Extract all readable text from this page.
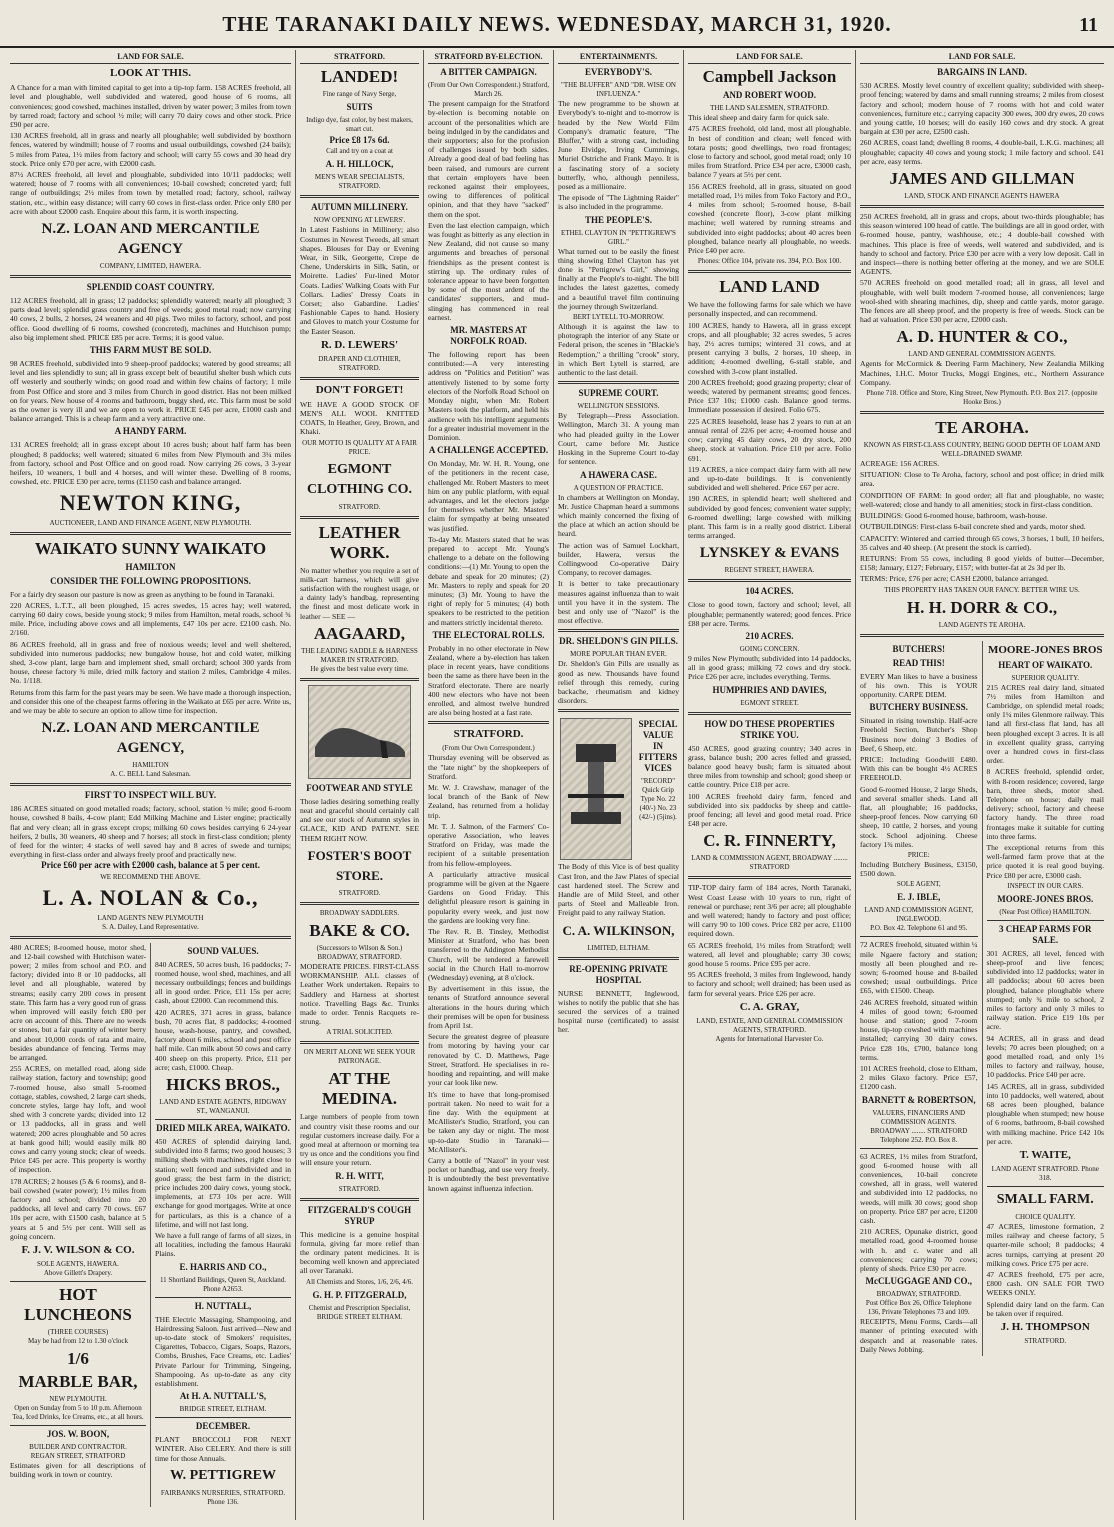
THE TARANAKI DAILY NEWS. WEDNESDAY, MARCH 31, 1920.	11
LAND FOR SALE.
LOOK AT THIS.
A Chance for a man with limited capital to get into a tip-top farm. 158 ACRES freehold, all level and ploughable, well subdivided and watered, good house of 6 rooms, all conveniences; good cowshed, machines installed, driven by water power; 3 miles from town by tarred road; factory and school ½ mile; will carry 70 dairy cows and other stock. Price £90 per acre.
130 ACRES freehold, all in grass and nearly all ploughable; well subdivided by boxthorn fences, watered by windmill; house of 7 rooms and usual outbuildings, cowshed (24 bails); 5 miles from Patea, 1½ miles from factory and school; will carry 55 cows and 30 head dry stock. Price only £70 per acre, with £2000 cash.
87½ ACRES freehold, all level and ploughable, subdivided into 10/11 paddocks; well watered; house of 7 rooms with all conveniences; 10-bail cowshed; concreted yard; full range of outbuildings; 2½ miles from town by metalled road; factory, school, railway station, etc., within easy distance; will carry 60 cows in first-class order. Price only £80 per acre with about £2000 cash. Enquire about this farm, it is worth inspecting.
N.Z. LOAN AND MERCANTILE AGENCY
COMPANY, LIMITED, HAWERA.
SPLENDID COAST COUNTRY.
112 ACRES freehold, all in grass; 12 paddocks; splendidly watered; nearly all ploughed; 3 parts dead level; splendid grass country and free of weeds; good metal road; now carrying 40 cows, 2 bulls, 2 horses, 24 weaners and 40 pigs. Two miles to factory, school, and post office. Good dwelling of 6 rooms, cowshed (concreted), machines and Hutchison pump; also big implement shed. PRICE £85 per acre. Terms; it is good value.
THIS FARM MUST BE SOLD.
98 ACRES freehold, subdivided into 9 sheep-proof paddocks; watered by good streams; all level and lies splendidly to sun; all in grass except belt of beautiful shelter bush which cuts off westerly and southerly winds; on good road and within few chains of factory; 1 mile from Post Office and store and 3 miles from Church in good district. Has not been milked on for years. New house of 4 rooms and bathroom, buggy shed, etc. This farm must be sold as the owner is very ill and we are open to work it. PRICE £45 per acre, £1000 cash and balance arranged. This is a cheap farm and a very attractive one.
A HANDY FARM.
131 ACRES freehold; all in grass except about 10 acres bush; about half farm has been ploughed; 8 paddocks; well watered; situated 6 miles from New Plymouth and 3¼ miles from factory, school and Post Office and on good road. Now carrying 26 cows, 3 3-year heifers, 10 weaners, 1 bull and 4 horses, and will winter these. Dwelling of 8 rooms, cowshed, etc. PRICE £30 per acre, terms (£1150 cash and balance arranged.
NEWTON KING,
AUCTIONEER, LAND AND FINANCE AGENT, NEW PLYMOUTH.
WAIKATO SUNNY WAIKATO
HAMILTON
CONSIDER THE FOLLOWING PROPOSITIONS.
For a fairly dry season our pasture is now as green as anything to be found in Taranaki.
220 ACRES, L.T.T., all been ploughed, 15 acres swedes, 15 acres hay; well watered, carrying 60 dairy cows, beside young stock; 9 miles from Hamilton, metal roads, school ¾ mile. Price, including above cows and all implements, £47 10s per acre. £2100 cash. No. 2/160.
86 ACRES freehold, all in grass and free of noxious weeds; level and well sheltered, subdivided into numerous paddocks; new bungalow house, hot and cold water, milking shed, 3-cow plant, large barn and implement shed, small orchard; school 300 yards from house, cheese factory ¾ mile, dried milk factory and station 2 miles, Cambridge 4 miles. No. 1/118.
Returns from this farm for the past years may be seen. We have made a thorough inspection, and consider this one of the cheapest farms offering in the Waikato at £65 per acre. Write us, and we may be able to secure an option to allow time for inspection.
N.Z. LOAN AND MERCANTILE AGENCY,
HAMILTON
A. C. BELL Land Salesman.
FIRST TO INSPECT WILL BUY.
186 ACRES situated on good metalled roads; factory, school, station ½ mile; good 6-room house, cowshed 8 bails, 4-cow plant; Edd Milking Machine and Lister engine; practically flat and very clean; all in grass except crops; milking 60 cows besides carrying 6 24-year heifers, 2 bulls, 30 weaners, 40 sheep and 7 horses; all stock in first-class condition; plenty of feed for the winter; 4 stacks of well saved hay and 8 acres of swede and turnips; everything in first-class order and always freely proof and practically new.
Price £60 per acre with £2000 cash, balance at 5 per cent.
WE RECOMMEND THE ABOVE.
L. A. NOLAN & Co.,
LAND AGENTS NEW PLYMOUTH
S. A. Dailey, Land Representative.
480 ACRES; 8-roomed house, motor shed, and 12-bail cowshed with Hutchison water-power; 2 miles from school and P.O. and factory; divided into 8 or 10 paddocks, all level and all ploughable, watered by streams; easily carry 200 cows in present state. This farm has a very good run of grass when improved will easily fetch £80 per acre on account of this. There are no weeds or stones, but a fair quantity of winter berry and about 10,000 cords of rata and maire, besides abundance of fencing. Terms may be arranged.
255 ACRES, on metalled road, along side railway station, factory and township; good 7-roomed house, also small 5-roomed cottage, stables, cowshed, 2 large cart sheds, concrete styles, large hay loft, and wool shed with 3 concrete yards; divided into 12 or 13 paddocks, all in grass and well watered; 200 acres ploughable and 50 acres at bank good hill; would easily milk 80 cows and carry young stock; clear of weeds. Price £45 per acre. This property is worthy of inspection.
178 ACRES; 2 houses (5 & 6 rooms), and 8-bail cowshed (water power); 1½ miles from factory and school; divided into 20 paddocks, all level and carry 70 cows. £67 10s per acre, with £1500 cash, balance at 5 years at 5 and 5½ per cent. Will sell as going concern.
F. J. V. WILSON & CO.
SOLE AGENTS, HAWERA.
Above Gillett's Drapery.
HOT LUNCHEONS
(THREE COURSES)
May be had from 12 to 1.30 o'clock
1/6
MARBLE BAR,
NEW PLYMOUTH.
Open on Sunday from 5 to 10 p.m. Afternoon Tea, Iced Drinks, Ice Creams, etc., at all hours.
JOS. W. BOON,
BUILDER AND CONTRACTOR.
REGAN STREET, STRATFORD
Estimates given for all descriptions of building work in town or country.
SOUND VALUES.
840 ACRES, 50 acres bush, 16 paddocks; 7-roomed house, wool shed, machines, and all necessary outbuildings; fences and buildings all in good order. Price, £11 15s per acre; cash, about £2000. Can recommend this.
420 ACRES, 371 acres in grass, balance bush, 70 acres flat, 8 paddocks; 4-roomed house, wash-house, pantry, and cowshed, factory about 6 miles, school and post office half mile. Can milk about 50 cows and carry 400 sheep on this property. Price, £11 per acre; cash, £1000. Cheap.
HICKS BROS.,
LAND AND ESTATE AGENTS, RIDGWAY ST., WANGANUI.
DRIED MILK AREA, WAIKATO.
450 ACRES of splendid dairying land, subdivided into 8 farms; two good houses; 3 milking sheds with machines, right close to station; well fenced and subdivided and in good grass; the best farm in the district; price includes 200 dairy cows, young stock, implements, at £73 10s per acre. Will exchange for good mortgages. Write at once for particulars, as this is a chance of a lifetime, and will not last long.
We have a full range of farms of all sizes, in all localities, including the famous Hauraki Plains.
E. HARRIS AND CO.,
11 Shortland Buildings, Queen St, Auckland. Phone A2653.
H. NUTTALL,
THE Electric Massaging, Shampooing, and Hairdressing Saloon. Just arrived—New and up-to-date stock of Smokers' requisites, Cigarettes, Tobacco, Cigars, Soaps, Razors, Combs, Brushes, Face Creams, etc. Ladies' Private Parlour for Trimming, Singeing, Shampooing. As up-to-date as any city establishment.
At H. A. NUTTALL'S,
BRIDGE STREET, ELTHAM.
DECEMBER.
PLANT BROCCOLI FOR NEXT WINTER. Also CELERY. And there is still time for those Annuals.
W. PETTIGREW
FAIRBANKS NURSERIES, STRATFORD.
Phone 136.
STRATFORD.
LANDED!
Fine range of Navy Serge,
SUITS
Indigo dye, fast color, by best makers, smart cut.
Price £8 17s 6d.
Call and try on a coat at
A. H. HILLOCK,
MEN'S WEAR SPECIALISTS, STRATFORD.
AUTUMN MILLINERY.
NOW OPENING AT LEWERS'.
In Latest Fashions in Millinery; also Costumes in Newest Tweeds, all smart shapes. Blouses for Day or Evening Wear, in Silk, Georgette, Crepe de Chene, Underskirts in Silk, Satin, or Moirette. Ladies' Fur-lined Motor Coats. Ladies' Walking Coats with Fur Collars. Ladies' Dressy Coats in Corset; also Gabardine. Ladies' Fashionable Capes to hand. Hosiery and Gloves to match your Costume for the Easter Season.
R. D. LEWERS'
DRAPER AND CLOTHIER, STRATFORD.
DON'T FORGET!
WE HAVE A GOOD STOCK OF MEN'S ALL WOOL KNITTED COATS, In Heather, Grey, Brown, and Khaki.
OUR MOTTO IS QUALITY AT A FAIR PRICE.
EGMONT CLOTHING CO.
STRATFORD.
LEATHER WORK.
No matter whether you require a set of milk-cart harness, which will give satisfaction with the roughest usage, or a dainty lady's handbag, representing the finest and most delicate work in leather — SEE —
AAGAARD,
THE LEADING SADDLE & HARNESS MAKER IN STRATFORD.
He gives the best value every time.
FOOTWEAR AND STYLE
Those ladies desiring something really neat and graceful should certainly call and see our stock of Autumn styles in GLACE, KID AND PATENT. SEE THEM RIGHT NOW.
FOSTER'S BOOT STORE.
STRATFORD.
BROADWAY SADDLERS.
BAKE & CO.
(Successors to Wilson & Son.) BROADWAY, STRATFORD.
MODERATE PRICES. FIRST-CLASS WORKMANSHIP. ALL classes of Leather Work undertaken. Repairs to Saddlery and Harness at shortest notice. Travelling Bags &c. Trunks made to order. Tennis Racquets re-strung.
A TRIAL SOLICITED.
ON MERIT ALONE WE SEEK YOUR PATRONAGE.
AT THE MEDINA.
Large numbers of people from town and country visit these rooms and our regular customers increase daily. For a good meal at afternoon or morning tea try us once and the conditions you find will ensure your return.
R. H. WITT,
STRATFORD.
FITZGERALD'S COUGH SYRUP
This medicine is a genuine hospital formula, giving far more relief than the ordinary patent medicines. It is becoming well known and appreciated all over Taranaki.
All Chemists and Stores, 1/6, 2/6, 4/6.
G. H. P. FITZGERALD,
Chemist and Prescription Specialist, BRIDGE STREET ELTHAM.
STRATFORD BY-ELECTION.
A BITTER CAMPAIGN.
(From Our Own Correspondent.) Stratford, March 26.
The present campaign for the Stratford by-election is becoming notable on account of the personalities which are being indulged in by the candidates and their supporters; also for the profusion of challenges issued by both sides. Already a good deal of bad feeling has been raised, and rumours are current that certain employers have been reckoned against their employees, owing to differences of political opinion, and that they have "sacked" them on the spot.
Even the last election campaign, which was fought as bitterly as any election in New Zealand, did not cause so many arguments and breaches of personal friendships as the present contest is stirring up. The ordinary rules of tolerance appear to have been forgotten by some of the most ardent of the candidates' supporters, and mud-slinging has commenced in real earnest.
MR. MASTERS AT NORFOLK ROAD.
The following report has been contributed:—A very interesting address on "Politics and Petition" was attentively listened to by some forty electors of the Norfolk Road School on Monday night, when Mr. Robert Masters took the platform, and held his audience with his intelligent arguments for a greater industrial movement in the Dominion.
A CHALLENGE ACCEPTED.
On Monday, Mr. W. H. R. Young, one of the petitioners in the recent case, challenged Mr. Robert Masters to meet him on any public platform, with equal advantages, and let the electors judge for themselves whether Mr. Masters' claim for sympathy at being unseated was justified.
To-day Mr. Masters stated that he was prepared to accept Mr. Young's challenge to a debate on the following conditions:—(1) Mr. Young to open the debate and speak for 20 minutes; (2) Mr. Masters to reply and speak for 20 minutes; (3) Mr. Young to have the right of reply for 5 minutes; (4) both speakers to be restricted to the petition and matters strictly incidental thereto.
THE ELECTORAL ROLLS.
Probably in no other electorate in New Zealand, where a by-election has taken place in recent years, have conditions been the same as there have been in the Stratford electorate. There are nearly 400 new electors who have not been enrolled, and almost twelve hundred are also being hosted at a fast rate.
STRATFORD.
(From Our Own Correspondent.)
Thursday evening will be observed as the "late night" by the shopkeepers of Stratford.
Mr. W. J. Crawshaw, manager of the local branch of the Bank of New Zealand, has returned from a holiday trip.
Mr. T. J. Salmon, of the Farmers' Co-operative Association, who leaves Stratford on Friday, was made the recipient of a suitable presentation from his fellow-employees.
A particularly attractive musical programme will be given at the Ngaere Gardens on Good Friday. This delightful pleasure resort is gaining in popularity every week, and just now the gardens are looking very fine.
The Rev. R. B. Tinsley, Methodist Minister at Stratford, who has been transferred to the Addington Methodist Church, will be tendered a farewell social in the Church Hall to-morrow (Wednesday) evening, at 8 o'clock.
By advertisement in this issue, the tenants of Stratford announce several alterations in the hours during which their premises will be open for business from April 1st.
Secure the greatest degree of pleasure from motoring by having your car renovated by C. D. Matthews, Page Street, Stratford. He specialises in re-hooding and repainting, and will make your car look like new.
It's time to have that long-promised portrait taken. No need to wait for a fine day. With the equipment at McAllister's Studio, Stratford, you can be taken any day or night. The most up-to-date Studio in Taranaki—McAllister's.
Carry a bottle of "Nazol" in your vest pocket or handbag, and use very freely. It is undoubtedly the best preventative known against influenza infection.
ENTERTAINMENTS.
EVERYBODY'S.
"THE BLUFFER" AND "DR. WISE ON INFLUENZA."
The new programme to be shown at Everybody's to-night and to-morrow is headed by the New World Film Company's dramatic feature, "The Bluffer," with a strong cast, including June Elvidge, Irving Cummings, Muriel Ostriche and Frank Mayo. It is a fascinating story of a society butterfly, who, although penniless, posed as a millionaire.
The episode of "The Lightning Raider" is also included in the programme.
THE PEOPLE'S.
ETHEL CLAYTON IN "PETTIGREW'S GIRL."
What turned out to be easily the finest thing showing Ethel Clayton has yet done is "Pettigrew's Girl," showing finally at the People's to-night. The bill includes the latest gazettes, comedy and a beautiful travel film continuing the journey through Switzerland.
BERT LYTELL TO-MORROW.
Although it is against the law to photograph the interior of any State or Federal prison, the scenes in "Blackie's Redemption," a thrilling "crook" story, in which Bert Lytell is starred, are authentic to the last detail.
SUPREME COURT.
WELLINGTON SESSIONS.
By Telegraph—Press Association. Wellington, March 31. A young man who had pleaded guilty in the Lower Court, came before Mr. Justice Hosking in the Supreme Court to-day for sentence.
A HAWERA CASE.
A QUESTION OF PRACTICE.
In chambers at Wellington on Monday, Mr. Justice Chapman heard a summons which mainly concerned the fixing of the place at which an action should be heard.
The action was of Samuel Lockhart, builder, Hawera, versus the Collingwood Co-operative Dairy Company, to recover damages.
It is better to take precautionary measures against influenza than to wait until you have it in the system. The best and only use of "Nazol" is the most effective.
DR. SHELDON'S GIN PILLS.
MORE POPULAR THAN EVER.
Dr. Sheldon's Gin Pills are usually as good as new. Thousands have found relief through this remedy, curing backache, rheumatism and kidney disorders.
SPECIAL VALUE IN FITTERS VICES
"RECORD" Quick Grip Type No. 22 (40/-) No. 23 (42/-) (5jins).
The Body of this Vice is of best quality Cast Iron, and the Jaw Plates of special cast hardened steel. The Screw and Handle are of Mild Steel, and other parts of Steel and Malleable Iron. Freight paid to any railway Station.
C. A. WILKINSON,
LIMITED, ELTHAM.
RE-OPENING PRIVATE HOSPITAL
NURSE BENNETT, Inglewood, wishes to notify the public that she has secured the services of a trained hospital nurse (certificated) to assist her.
LAND FOR SALE.
Campbell Jackson
AND ROBERT WOOD.
THE LAND SALESMEN, STRATFORD.
This ideal sheep and dairy farm for quick sale.
475 ACRES freehold, old land, most all ploughable. In best of condition and clean; well fenced with totara posts; good dwellings, two road frontages; close to factory and school, good metal road; only 10 miles from Stratford. Price £34 per acre, £3000 cash, balance 7 years at 5½ per cent.
156 ACRES freehold, all in grass, situated on good metalled road, 1½ miles from Toko Factory and P.O., 4 miles from school; 5-roomed house, 8-bail cowshed (concrete floor), 3-cow plant milking machine; well watered by running streams and subdivided into eight paddocks; about 40 acres been ploughed, balance nearly all ploughable, no weeds. Price £40 per acre.
Phones: Office 104, private res. 394, P.O. Box 100.
LAND LAND
We have the following farms for sale which we have personally inspected, and can recommend.
100 ACRES, handy to Hawera, all in grass except crops, and all ploughable; 32 acres swedes, 5 acres hay, 2½ acres turnips; wintered 31 cows, and at present carrying 3 bulls, 2 horses, 10 sheep, in addition; 4-roomed dwelling, 6-stall stable, and cowshed with 3-cow plant installed.
200 ACRES freehold; good grazing property; clear of weeds; watered by permanent streams; good fences. Price £37 10s; £1000 cash. Balance good terms. Immediate possession if desired. Folio 675.
225 ACRES leasehold, lease has 2 years to run at an annual rental of 22/6 per acre; 4-roomed house and cow; carrying 45 dairy cows, 20 dry stock, 200 sheep, stock at valuation. Price £10 per acre. Folio 691.
119 ACRES, a nice compact dairy farm with all new and up-to-date buildings. It is conveniently subdivided and well sheltered. Price £67 per acre.
190 ACRES, in splendid heart; well sheltered and subdivided by good fences; convenient water supply; 6-roomed dwelling; large cowshed with milking plant. This farm is in a really good district. Liberal terms arranged.
LYNSKEY & EVANS
REGENT STREET, HAWERA.
104 ACRES.
Close to good town, factory and school; level, all ploughable; permanently watered; good fences. Price £88 per acre. Terms.
210 ACRES.
GOING CONCERN.
9 miles New Plymouth; subdivided into 14 paddocks, all in good grass; milking 72 cows and dry stock. Price £26 per acre, includes everything. Terms.
HUMPHRIES AND DAVIES,
EGMONT STREET.
HOW DO THESE PROPERTIES STRIKE YOU.
450 ACRES, good grazing country; 340 acres in grass, balance bush; 200 acres felled and grassed, balance good heavy bush; farm is situated about three miles from township and school; good sheep or cattle country. Price £18 per acre.
100 ACRES freehold dairy farm, fenced and subdivided into six paddocks by sheep and cattle-proof fencing; all level and good metal road. Price £48 per acre.
C. R. FINNERTY,
LAND & COMMISSION AGENT, BROADWAY ........ STRATFORD
TIP-TOP dairy farm of 184 acres, North Taranaki, West Coast Lease with 10 years to run, right of renewal or purchase; rent 3/6 per acre; all ploughable and well watered; handy to factory and post office; will carry 90 to 100 cows. Price £82 per acre, £1100 required down.
65 ACRES freehold, 1½ miles from Stratford; well watered, all level and ploughable; carry 30 cows; good house 5 rooms. Price £95 per acre.
95 ACRES freehold, 3 miles from Inglewood, handy to factory and school; well drained; has been used as farm for several years. Price £26 per acre.
C. A. GRAY,
LAND, ESTATE, AND GENERAL COMMISSION AGENTS, STRATFORD.
Agents for International Harvester Co.
LAND FOR SALE.
BARGAINS IN LAND.
530 ACRES. Mostly level country of excellent quality; subdivided with sheep-proof fencing; watered by dams and small running streams; 2 miles from closest factory and school; modern house of 7 rooms with hot and cold water conveniences, furniture etc.; carrying capacity 300 ewes, 300 dry ewes, 20 cows and young cattle, 10 horses; will do easily 160 cows and dry stock. A great bargain at £30 per acre, £2500 cash.
260 ACRES, coast land; dwelling 8 rooms, 4 double-bail, L.K.G. machines; all ploughable; capacity 40 cows and young stock; 1 mile factory and school. £41 per acre, easy terms.
JAMES AND GILLMAN
LAND, STOCK AND FINANCE AGENTS HAWERA
250 ACRES freehold, all in grass and crops, about two-thirds ploughable; has this season wintered 100 head of cattle. The buildings are all in good order, with 6-roomed house, pantry, washhouse, etc.; 4 double-bail cowshed with machines. This place is free of weeds, well watered and subdivided, and is handy to school and factory. Price £30 per acre with a very low deposit. Call in and inspect—there is nothing better offering at the money, and we are SOLE AGENTS.
570 ACRES freehold on good metalled road; all in grass, all level and ploughable, with well built modern 7-roomed house, all conveniences; large wool-shed with shearing machines, dip, sheep and cattle yards, motor garage. The fences are all sheep proof, and the property is free of weeds. Stock can be had at valuation. Price £30 per acre, £2000 cash.
A. D. HUNTER & CO.,
LAND AND GENERAL COMMISSION AGENTS.
Agents for McCormick & Deering Farm Machinery, New Zealandia Milking Machines, I.H.C. Motor Trucks, Moggi Engines, etc., Northern Assurance Company.
Phone 718. Office and Store, King Street, New Plymouth. P.O. Box 217. (opposite Hooke Bros.)
TE AROHA.
KNOWN AS FIRST-CLASS COUNTRY, BEING GOOD DEPTH OF LOAM AND WELL-DRAINED SWAMP.
ACREAGE: 156 ACRES.
SITUATION: Close to Te Aroha, factory, school and post office; in dried milk area.
CONDITION OF FARM: In good order; all flat and ploughable, no waste; well-watered; close and handy to all amenities; stock in first-class condition.
BUILDINGS: Good 6-roomed house, bathroom, wash-house.
OUTBUILDINGS: First-class 6-bail concrete shed and yards, motor shed.
CAPACITY: Wintered and carried through 65 cows, 3 horses, 1 bull, 10 heifers, 35 calves and 40 sheep. (At present the stock is carried).
RETURNS: From 55 cows, including 8 good yields of butter—December, £158; January, £127; February, £157; with butter-fat at 2s 3d per lb.
TERMS: Price, £76 per acre; CASH £2000, balance arranged.
THIS PROPERTY HAS TAKEN OUR FANCY. BETTER WIRE US.
H. H. DORR & CO.,
LAND AGENTS TE AROHA.
BUTCHERS!
READ THIS!
EVERY Man likes to have a business of his own. This is YOUR opportunity. CARPE DIEM.
BUTCHERY BUSINESS.
Situated in rising township. Half-acre Freehold Section, Butcher's Shop 'Business now doing' 3 Bodies of Beef, 6 Sheep, etc.
PRICE: Including Goodwill £480. With this can be bought 4½ ACRES FREEHOLD.
Good 6-roomed House, 2 large Sheds, and several smaller sheds. Land all flat, all ploughable; 16 paddocks, sheep-proof fences. Now carrying 60 sheep, 10 cattle, 2 horses, and young stock. School adjoining. Cheese factory 1¾ miles.
PRICE:
Including Butchery Business, £3150, £500 down.
SOLE AGENT,
E. J. IBLE,
LAND AND COMMISSION AGENT, INGLEWOOD.
P.O. Box 42. Telephone 61 and 95.
72 ACRES freehold, situated within ¼ mile Ngaere factory and station; mostly all been ploughed and re-sown; 6-roomed house and 8-bailed cowshed; usual outbuildings. Price £65, with £1500. Cheap.
246 ACRES freehold, situated within 4 miles of good town; 6-roomed house and station; good 7-room house, tip-top cowshed with machines installed; carrying 30 dairy cows. Price £28 10s, £700, balance long terms.
101 ACRES freehold, close to Eltham, 2 miles Glaxo factory. Price £57, £1200 cash.
BARNETT & ROBERTSON,
VALUERS, FINANCIERS AND COMMISSION AGENTS.
BROADWAY ........ STRATFORD Telephone 252. P.O. Box 8.
63 ACRES, 1½ miles from Stratford, good 6-roomed house with all conveniences, 10-bail concrete cowshed, all in grass, well watered and subdivided into 12 paddocks, no weeds, will milk 30 cows; good shop on property. Price £87 per acre, £1200 cash.
210 ACRES, Opunake district, good metalled road, good 4-roomed house with h. and c. water and all conveniences; carrying 70 cows; plenty of sheds. Price £30 per acre.
McCLUGGAGE AND CO.,
BROADWAY, STRATFORD.
Post Office Box 26, Office Telephone 136, Private Telephones 73 and 109.
RECEIPTS, Menu Forms, Cards—all manner of printing executed with despatch and at reasonable rates. Daily News Jobbing.
MOORE-JONES BROS
HEART OF WAIKATO.
SUPERIOR QUALITY.
215 ACRES real dairy land, situated 7½ miles from Hamilton and Cambridge, on splendid metal roads; only 1¼ miles Glenmore railway. This land all first-class flat land, has all been ploughed except 3 acres. It is all in excellent quality grass, carrying over a hundred cows in first-class order.
8 ACRES freehold, splendid order, with 8-room residence; covered, large barn, three sheds, motor shed. Telephone on house; daily mail delivery; school, factory and cheese factory handy. The three road frontages make it suitable for cutting into three farms.
The exceptional returns from this well-farmed farm prove that at the price quoted it is real good buying. Price £80 per acre, £3000 cash.
INSPECT IN OUR CARS.
MOORE-JONES BROS.
(Near Post Office) HAMILTON.
3 CHEAP FARMS FOR SALE.
301 ACRES, all level, fenced with sheep-proof and live fences; subdivided into 12 paddocks; water in all paddocks; about 60 acres been ploughed, balance ploughable where stumped; only ¾ mile to school, 2 miles to factory and only 3 miles to railway station. Price £19 10s per acre.
94 ACRES, all in grass and dead levels; 70 acres been ploughed; on a good metalled road, and only 1½ miles to factory and railway, house, 10 paddocks. Price £40 per acre.
145 ACRES, all in grass, subdivided into 10 paddocks, well watered, about 68 acres been ploughed, balance ploughable when stumped; new house of 6 rooms, bathroom, 8-bail cowshed with milking machine. Price £42 10s per acre.
T. WAITE,
LAND AGENT STRATFORD. Phone 318.
SMALL FARM.
CHOICE QUALITY.
47 ACRES, limestone formation, 2 miles railway and cheese factory, 5 quarter-mile school; 8 paddocks; 4 acres turnips, carrying at present 20 milking cows. Price £75 per acre.
47 ACRES freehold, £75 per acre, £800 cash. ON SALE FOR TWO WEEKS ONLY.
Splendid dairy land on the farm. Can be taken over if required.
J. H. THOMPSON
STRATFORD.
